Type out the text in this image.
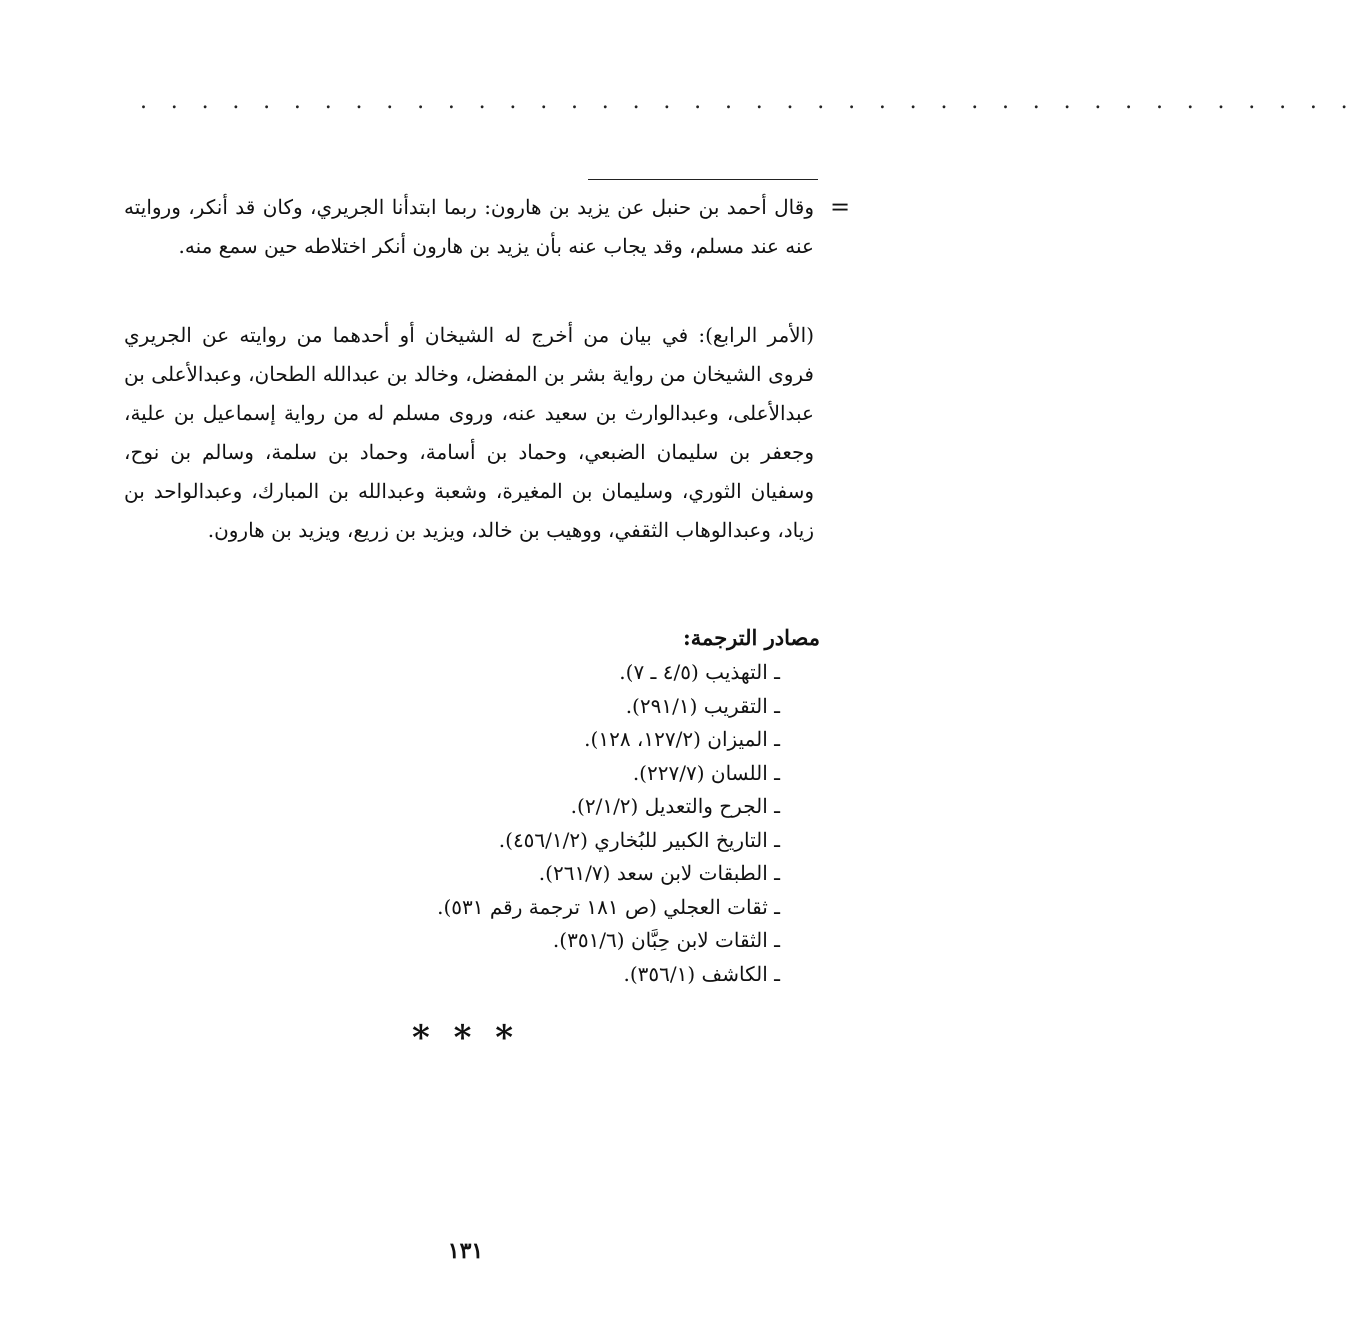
. . . . . . . . . . . . . . . . . . . . . . . . . . . . . . . . . . . . . . . .
=

وقال أحمد بن حنبل عن يزيد بن هارون: ربما ابتدأنا الجريري، وكان قد أنكر، وروايته عنه عند مسلم، وقد يجاب عنه بأن يزيد بن هارون أنكر اختلاطه حين سمع منه.

(الأمر الرابع): في بيان من أخرج له الشيخان أو أحدهما من روايته عن الجريري فروى الشيخان من رواية بشر بن المفضل، وخالد بن عبدالله الطحان، وعبدالأعلى بن عبدالأعلى، وعبدالوارث بن سعيد عنه، وروى مسلم له من رواية إسماعيل بن علية، وجعفر بن سليمان الضبعي، وحماد بن أسامة، وحماد بن سلمة، وسالم بن نوح، وسفيان الثوري، وسليمان بن المغيرة، وشعبة وعبدالله بن المبارك، وعبدالواحد بن زياد، وعبدالوهاب الثقفي، ووهيب بن خالد، ويزيد بن زريع، ويزيد بن هارون.

مصادر الترجمة:
ـ التهذيب (٤/٥ ـ ٧).
ـ التقريب (٢٩١/١).
ـ الميزان (١٢٧/٢، ١٢٨).
ـ اللسان (٢٢٧/٧).
ـ الجرح والتعديل (٢/١/٢).
ـ التاريخ الكبير للبُخاري (٤٥٦/١/٢).
ـ الطبقات لابن سعد (٢٦١/٧).
ـ ثقات العجلي (ص ١٨١ ترجمة رقم ٥٣١).
ـ الثقات لابن حِبَّان (٣٥١/٦).
ـ الكاشف (٣٥٦/١).
* * *
١٣١
